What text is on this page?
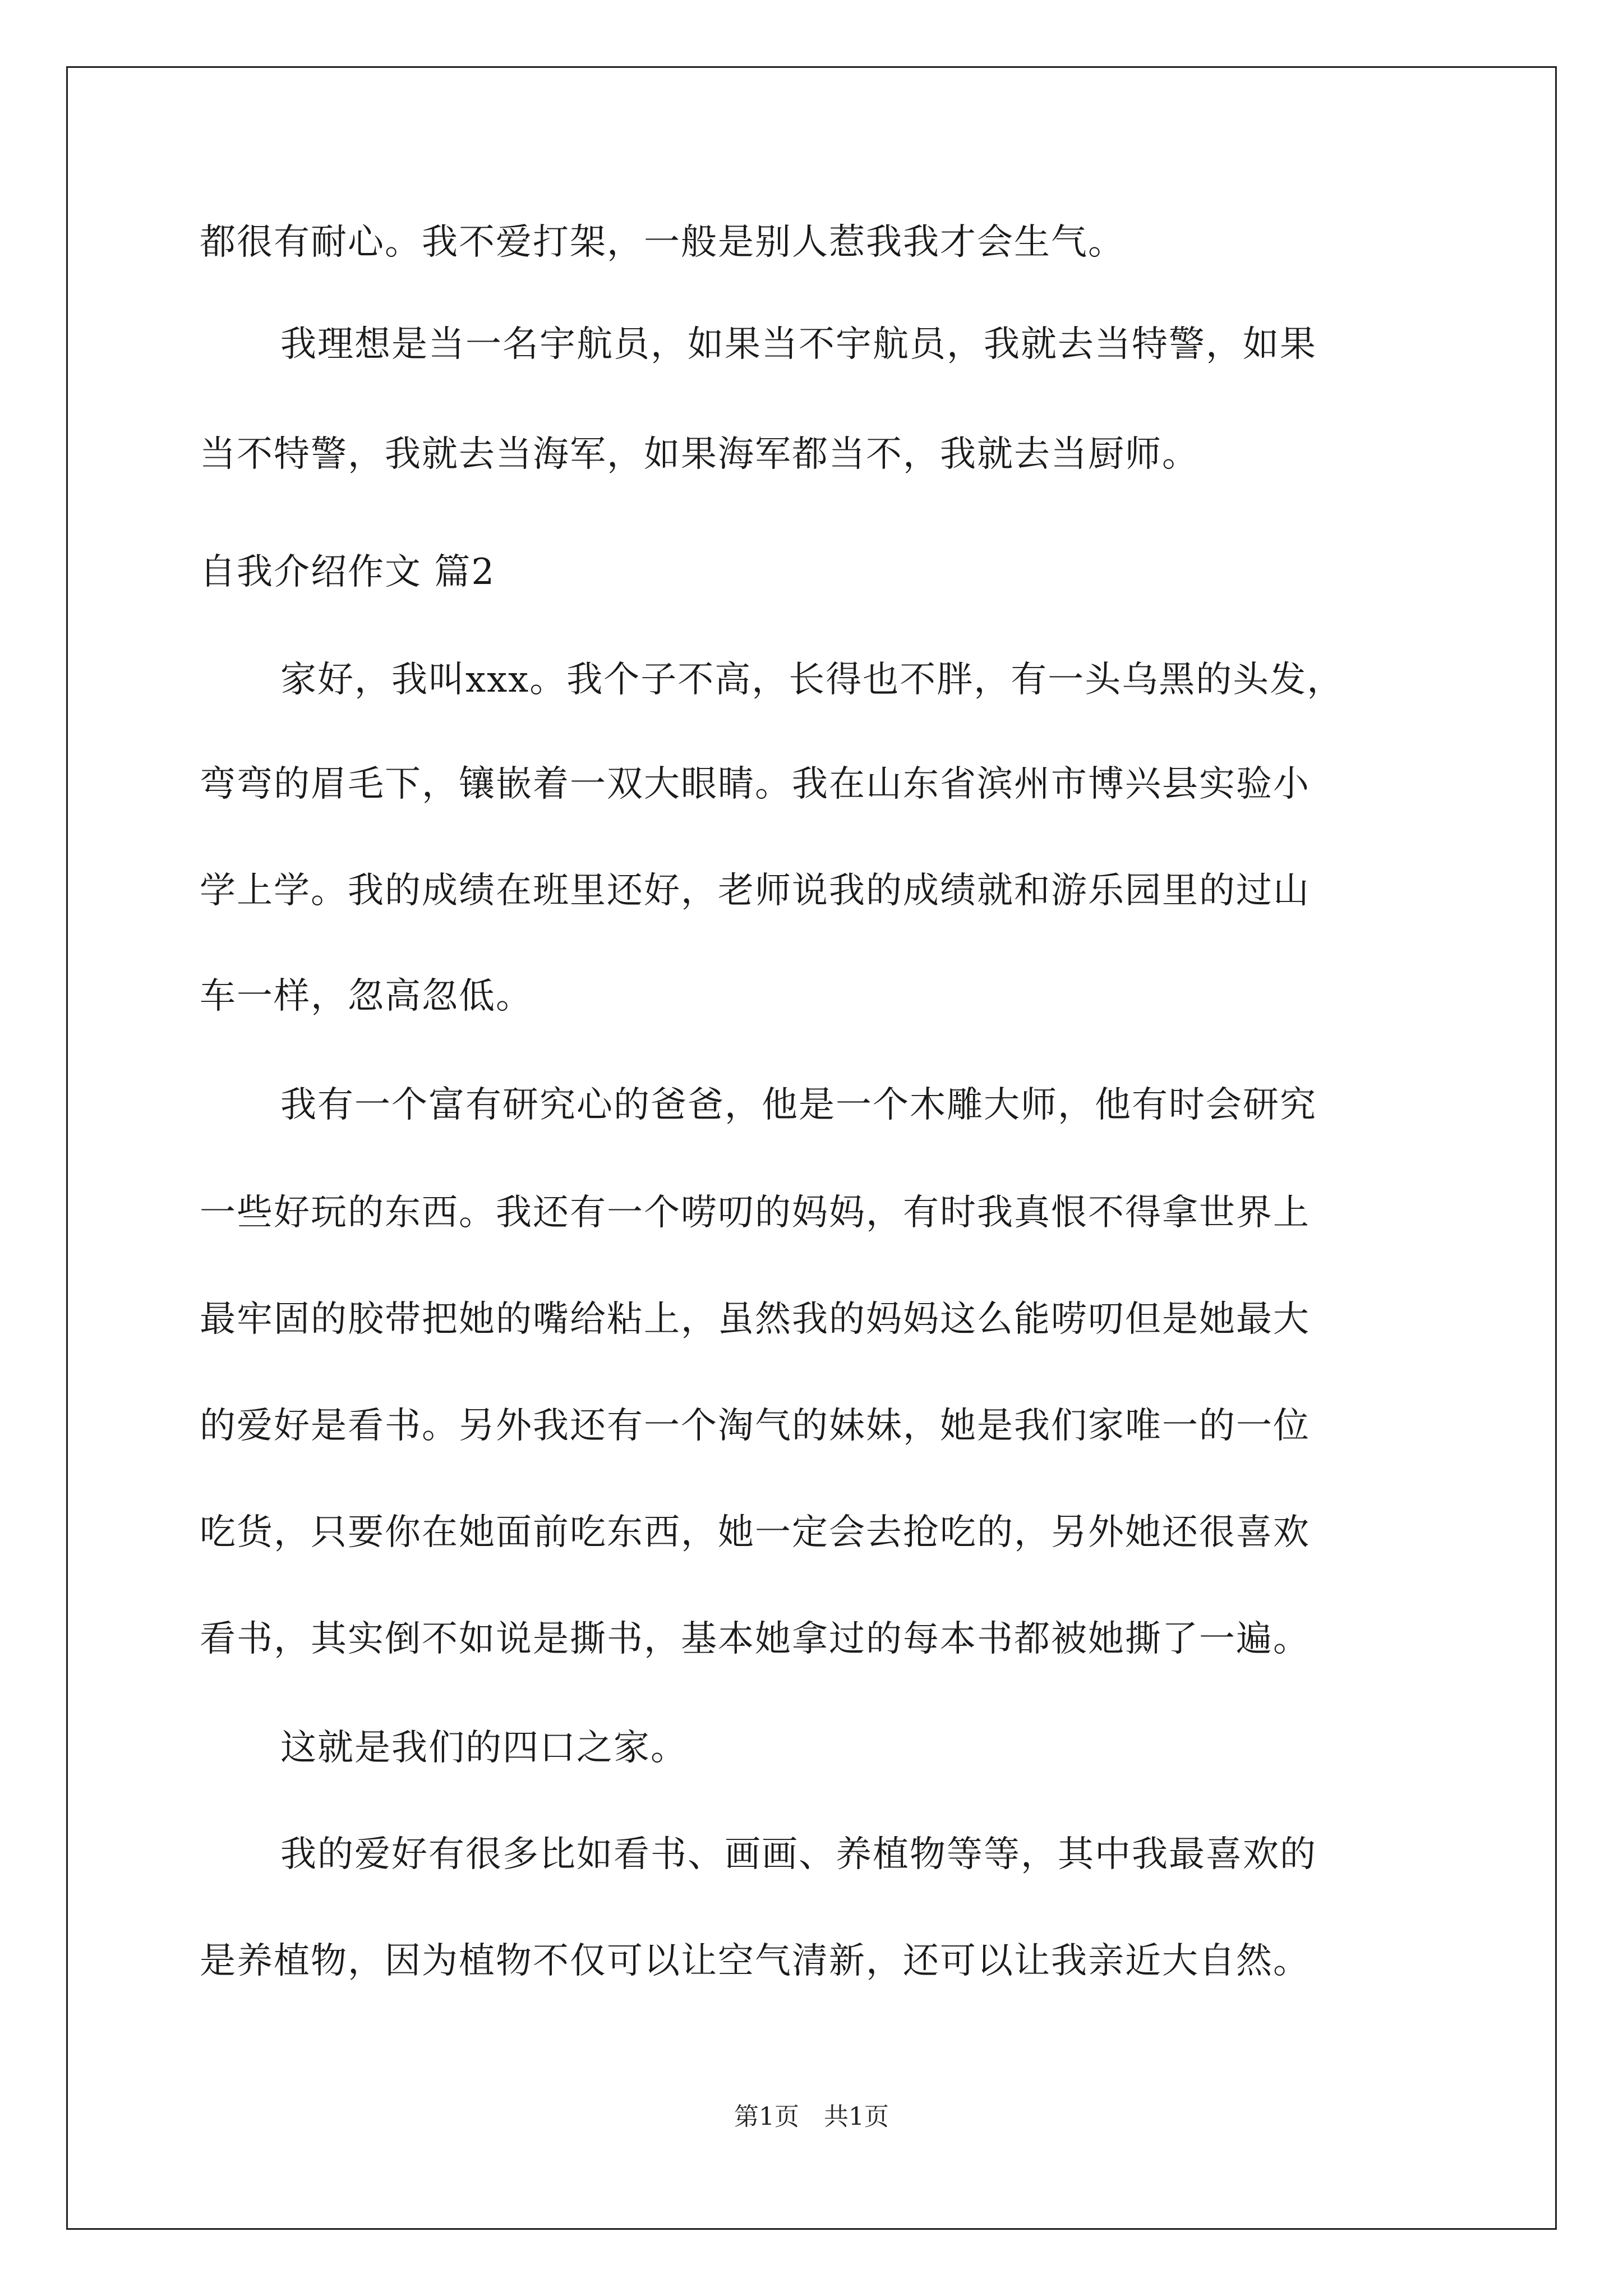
都很有耐心。我不爱打架，一般是别人惹我我才会生气。
我理想是当一名宇航员，如果当不宇航员，我就去当特警，如果
当不特警，我就去当海军，如果海军都当不，我就去当厨师。
自我介绍作文 篇2
家好，我叫xxx。我个子不高，长得也不胖，有一头乌黑的头发，
弯弯的眉毛下，镶嵌着一双大眼睛。我在山东省滨州市博兴县实验小
学上学。我的成绩在班里还好，老师说我的成绩就和游乐园里的过山
车一样，忽高忽低。
我有一个富有研究心的爸爸，他是一个木雕大师，他有时会研究
一些好玩的东西。我还有一个唠叨的妈妈，有时我真恨不得拿世界上
最牢固的胶带把她的嘴给粘上，虽然我的妈妈这么能唠叨但是她最大
的爱好是看书。另外我还有一个淘气的妹妹，她是我们家唯一的一位
吃货，只要你在她面前吃东西，她一定会去抢吃的，另外她还很喜欢
看书，其实倒不如说是撕书，基本她拿过的每本书都被她撕了一遍。
这就是我们的四口之家。
我的爱好有很多比如看书、画画、养植物等等，其中我最喜欢的
是养植物，因为植物不仅可以让空气清新，还可以让我亲近大自然。
第1页　共1页
